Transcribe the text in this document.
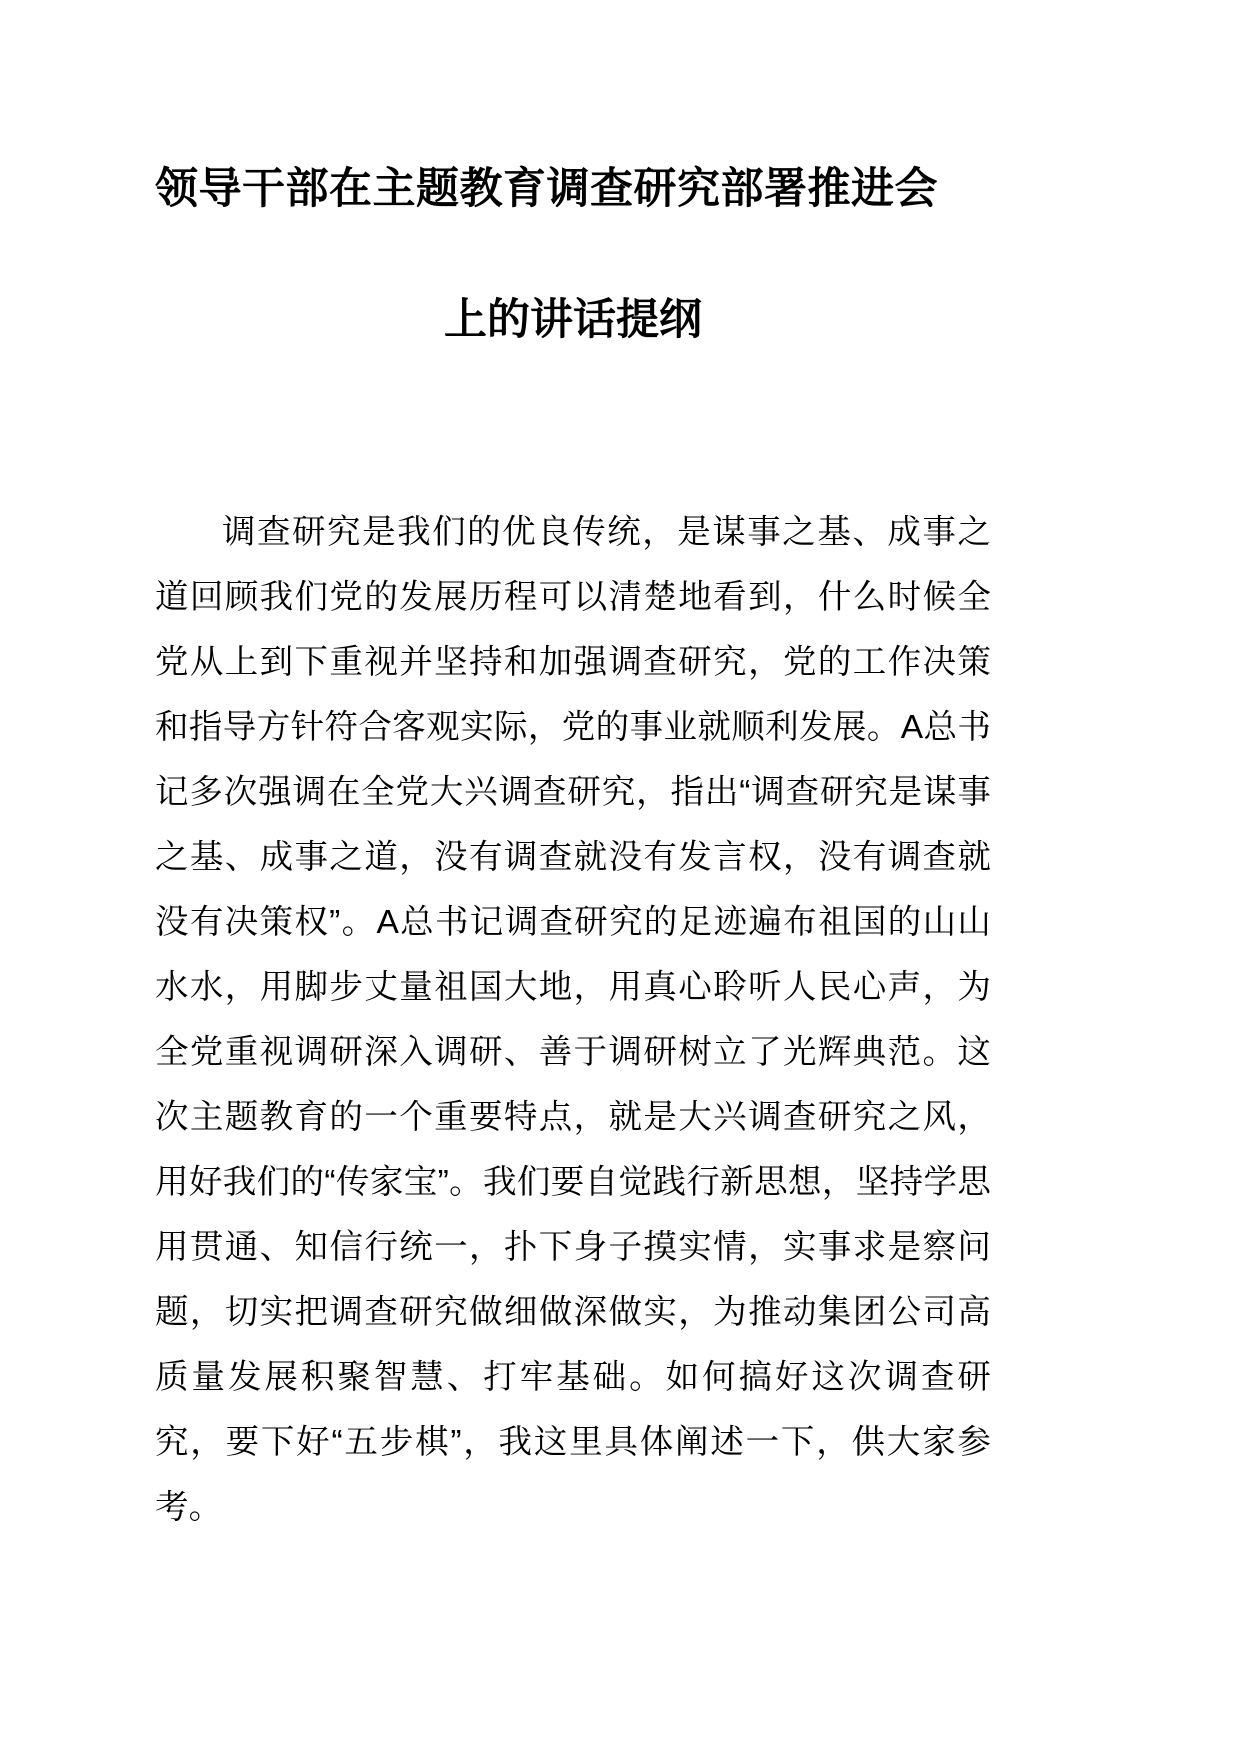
领导干部在主题教育调查研究部署推进会
上的讲话提纲

调查研究是我们的优良传统，是谋事之基、成事之道回顾我们党的发展历程可以清楚地看到，什么时候全党从上到下重视并坚持和加强调查研究，党的工作决策和指导方针符合客观实际，党的事业就顺利发展。A总书记多次强调在全党大兴调查研究，指出“调查研究是谋事之基、成事之道，没有调查就没有发言权，没有调查就没有决策权”。A总书记调查研究的足迹遍布祖国的山山水水，用脚步丈量祖国大地，用真心聆听人民心声，为全党重视调研深入调研、善于调研树立了光辉典范。这次主题教育的一个重要特点，就是大兴调查研究之风，用好我们的“传家宝”。我们要自觉践行新思想，坚持学思用贯通、知信行统一，扑下身子摸实情，实事求是察问题，切实把调查研究做细做深做实，为推动集团公司高质量发展积聚智慧、打牢基础。如何搞好这次调查研究，要下好“五步棋”，我这里具体阐述一下，供大家参考。
